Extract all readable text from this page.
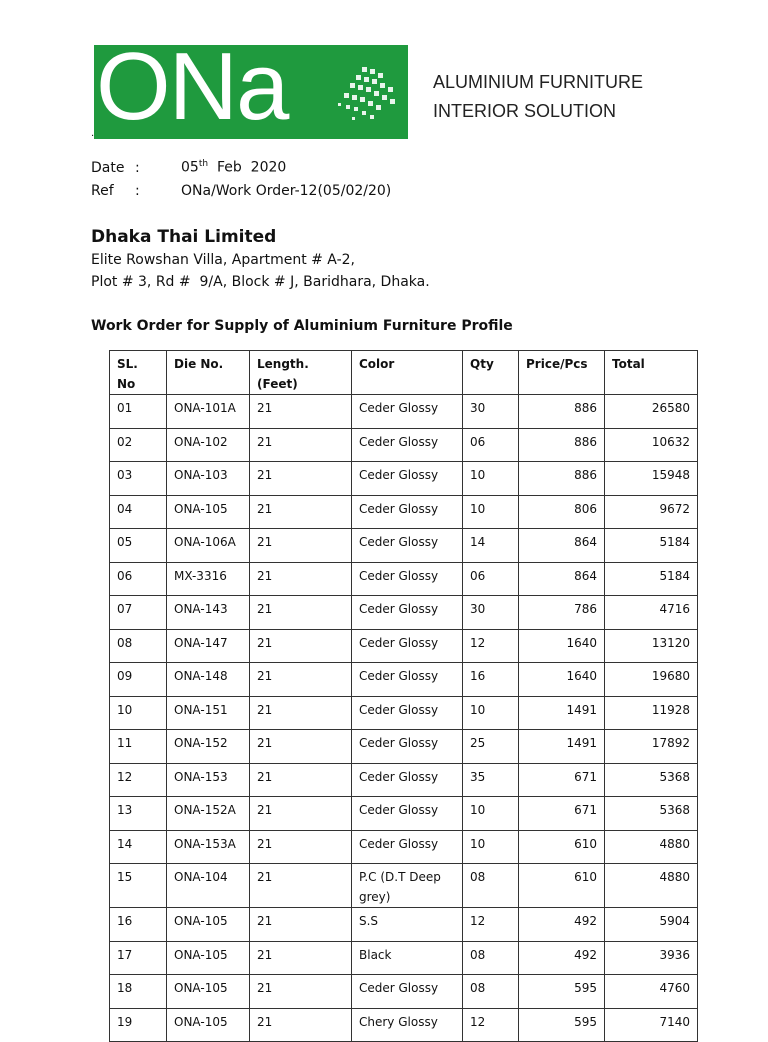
ONa	ALUMINIUM FURNITURE
INTERIOR SOLUTION
.
Date :	05th Feb  2020
Ref :	ONa/Work Order-12(05/02/20)
Dhaka Thai Limited
Elite Rowshan Villa, Apartment # A-2,
Plot # 3, Rd #  9/A, Block # J, Baridhara, Dhaka.
Work Order for Supply of Aluminium Furniture Profile
SL. No	Die No.	Length.(Feet)	Color	Qty	Price/Pcs	Total
01	ONA-101A	21	Ceder Glossy	30	886	26580
02	ONA-102	21	Ceder Glossy	06	886	10632
03	ONA-103	21	Ceder Glossy	10	886	15948
04	ONA-105	21	Ceder Glossy	10	806	9672
05	ONA-106A	21	Ceder Glossy	14	864	5184
06	MX-3316	21	Ceder Glossy	06	864	5184
07	ONA-143	21	Ceder Glossy	30	786	4716
08	ONA-147	21	Ceder Glossy	12	1640	13120
09	ONA-148	21	Ceder Glossy	16	1640	19680
10	ONA-151	21	Ceder Glossy	10	1491	11928
11	ONA-152	21	Ceder Glossy	25	1491	17892
12	ONA-153	21	Ceder Glossy	35	671	5368
13	ONA-152A	21	Ceder Glossy	10	671	5368
14	ONA-153A	21	Ceder Glossy	10	610	4880
15	ONA-104	21	P.C (D.T Deep grey)	08	610	4880
16	ONA-105	21	S.S	12	492	5904
17	ONA-105	21	Black	08	492	3936
18	ONA-105	21	Ceder Glossy	08	595	4760
19	ONA-105	21	Chery Glossy	12	595	7140
